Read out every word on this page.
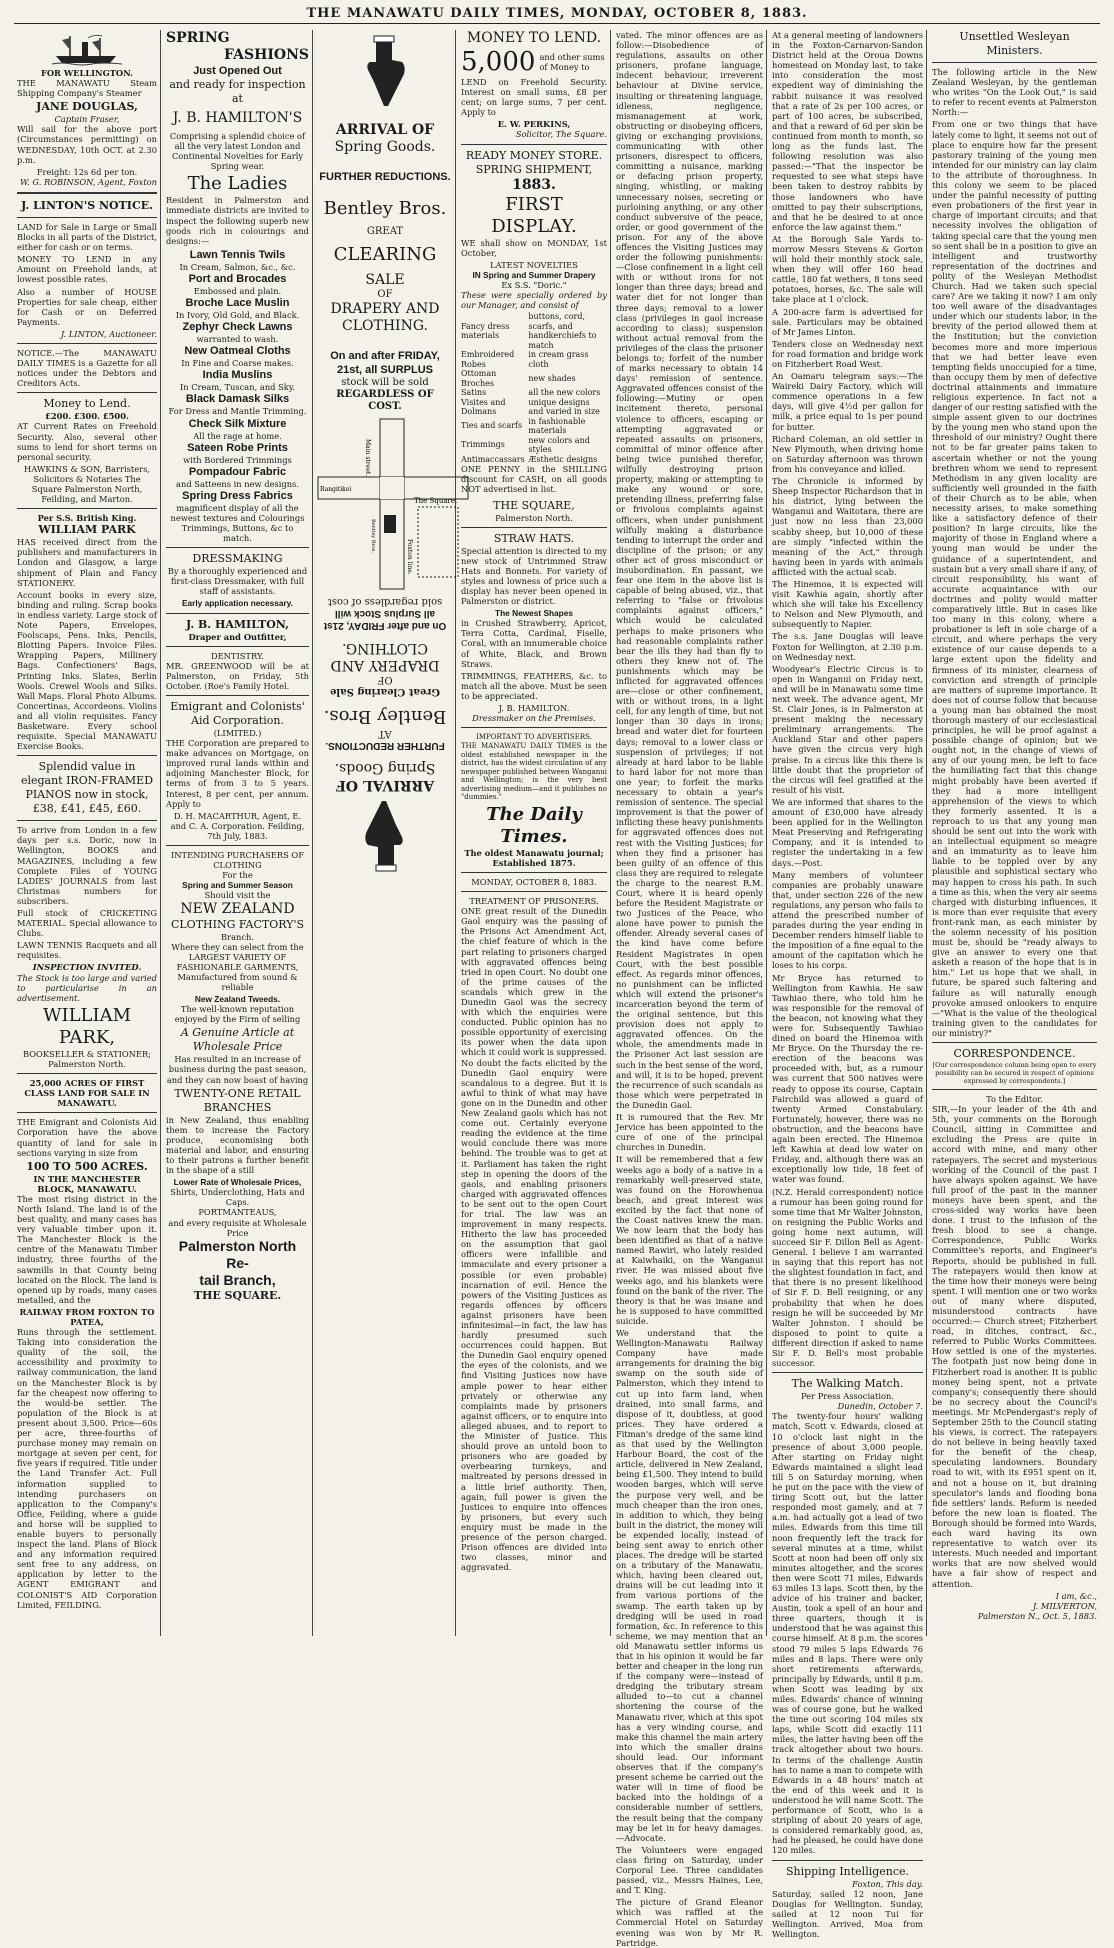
THE MANAWATU DAILY TIMES, MONDAY, OCTOBER 8, 1883.
FOR WELLINGTON.

THE MANAWATU Steam Shipping Company's Steamer

JANE DOUGLAS,
Captain Fraser,

Will sail for the above port (Circumstances permitting) on WEDNESDAY, 10th OCT. at 2.30 p.m.

Freight: 12s 6d per ton.
W. G. ROBINSON, Agent, Foxton
J. LINTON'S NOTICE.

LAND for Sale in Large or Small Blocks in all parts of the District, either for cash or on terms.

MONEY TO LEND in any Amount on Freehold lands, at lowest possible rates.

Also a number of HOUSE Properties for sale cheap, either for Cash or on Deferred Payments.

J. LINTON, Auctioneer.

NOTICE.—The MANAWATU DAILY TIMES is a Gazette for all notices under the Debtors and Creditors Acts.

Money to Lend.
£200. £300. £500.

AT Current Rates on Freehold Security. Also, several other sums to lend for short terms on personal security.

HAWKINS & SON, Barristers, Solicitors & Notaries The Square Palmerston North, Feilding, and Marton.
Per S.S. British King.
WILLIAM PARK

HAS received direct from the publishers and manufacturers in London and Glasgow, a large shipment of Plain and Fancy STATIONERY.

Account books in every size, binding and ruling. Scrap books in endless variety. Large stock of Note Papers, Envelopes, Foolscaps, Pens. Inks, Pencils, Blotting Papers. Invoice Files. Wrapping Papers, Millinery Bags. Confectioners' Bags, Printing Inks. Slates, Berlin Wools. Crewel Wools and Silks. Wall Maps. Floral Photo Albums. Concertinas, Accordeons. Violins and all violin requisites. Fancy Basketware. Every school requisite. Special MANAWATU Exercise Books.

Splendid value in elegant IRON-FRAMED PIANOS now in stock, £38, £41, £45, £60.

To arrive from London in a few days per s.s. Doric, now in Wellington, BOOKS and MAGAZINES, including a few Complete Files of YOUNG LADIES' JOURNALS from last Christmas numbers for subscribers.

Full stock of CRICKETING MATERIAL. Special allowance to Clubs.

LAWN TENNIS Racquets and all requisites.

INSPECTION INVITED.

The Stock is too large and varied to particularise in an advertisement.

WILLIAM PARK,
BOOKSELLER & STATIONER; Palmerston North.
25,000 ACRES OF FIRST CLASS LAND FOR SALE IN MANAWATU.

THE Emigrant and Colonists Aid Corporation have the above quantity of land for sale in sections varying in size from

100 TO 500 ACRES.
IN THE MANCHESTER BLOCK, MANAWATU.

The most rising district in the North Island. The land is of the best quality, and many cases has very valuable timber upon it. The Manchester Block is the centre of the Manawatu Timber industry, three fourths of the sawmills in that County being located on the Block. The land is opened up by roads, many cases metalled, and the

RAILWAY FROM FOXTON TO PATEA,

Runs through the settlement. Taking into consideration the quality of the soil, the accessibility and proximity to railway communication, the land on the Manchester Block is by far the cheapest now offering to the would-be settler. The population of the Block is at present about 3,500. Price—60s per acre, three-fourths of purchase money may remain on mortgage at seven per cent, for five years if required. Title under the Land Transfer Act. Full information supplied to intending purchasers on application to the Company's Office, Feilding, where a guide and horse will be supplied to enable buyers to personally inspect the land. Plans of Block and any information required sent free to any address, on application by letter to the AGENT EMIGRANT and COLONIST'S AID Corporation Limited, FEILDING.

SPRING
FASHIONS
Just Opened Out
and ready for inspection at
J. B. HAMILTON'S

Comprising a splendid choice of all the very latest London and Continental Novelties for Early Spring wear.

The Ladies

Resident in Palmerston and immediate districts are invited to inspect the following superb new goods rich in colourings and designs:—

Lawn Tennis Twils
In Cream, Salmon, &c., &c.
Port and Brocades
Embossed and plain.
Broche Lace Muslin
In Ivory, Old Gold, and Black.
Zephyr Check Lawns
warranted to wash.
New Oatmeal Cloths
In Fine and Coarse makes.
India Muslins
In Cream, Tuscan, and Sky.
Black Damask Silks
For Dress and Mantle Trimming.
Check Silk Mixture
All the rage at home.
Sateen Robe Prints
with Bordered Trimmings
Pompadour Fabric
and Satteens in new designs.
Spring Dress Fabrics
magnificent display of all the newest textures and Colourings Trimmings, Buttons, &c to match.
DRESSMAKING

By a thoroughly experienced and first-class Dressmaker, with full staff of assistants.

Early application necessary.
J. B. HAMILTON,
Draper and Outfitter,
DENTISTRY.

MR. GREENWOOD will be at Palmerston, on Friday, 5th October. (Roe's Family Hotel.

Emigrant and Colonists' Aid Corporation.
(LIMITED.)

THE Corporation are prepared to make advances on Mortgage, on improved rural lands within and adjoining Manchester Block, for terms of from 3 to 5 years. Interest, 8 per cent, per annum. Apply to

D. H. MACARTHUR, Agent, E. and C. A. Corporation. Feilding, 7th July, 1883.
INTENDING PURCHASERS OF CLOTHING
For the
Spring and Summer Season
Should visit the
NEW ZEALAND
CLOTHING FACTORY'S
Branch.

Where they can select from the LARGEST VARIETY OF FASHIONABLE GARMENTS, Manufactured from sound & reliable

New Zealand Tweeds.

The well-known reputation enjoyed by the Firm of selling

A Genuine Article at Wholesale Price

Has resulted in an increase of business during the past season, and they can now boast of having

TWENTY-ONE RETAIL
BRANCHES

in New Zealand, thus enabling them to increase the Factory produce, economising both material and labor, and ensuring to their patrons a further benefit in the shape of a still

Lower Rate of Wholesale Prices,
Shirts, Underclothing, Hats and Caps.
PORTMANTEAUS,
and every requisite at Wholesale Price
Palmerston North Re-
tail Branch,
THE SQUARE.
ARRIVAL OF
Spring Goods.
FURTHER REDUCTIONS.
Bentley Bros.
GREAT
CLEARING
SALE
OF
DRAPERY AND
CLOTHING.
On and after FRIDAY,
21st, all SURPLUS
stock will be sold
REGARDLESS OF COST.
Main street.
The Square.
Rangitikei
Foxton line.
Bentley Bros.
ARRIVAL OF
Spring Goods.
FURTHER REDUCTIONS.
AT
Bentley Bros.
Great Clearing Sale
OF
DRAPERY AND
CLOTHING.
On and after FRIDAY, 21st
all Surplus Stock will
sold regardless of cost
MONEY TO LEND.
5,000 and other sums of Money to

LEND on Freehold Security. Interest on small sums, £8 per cent; on large sums, 7 per cent. Apply to

E. W. PERKINS,
Solicitor, The Square.
READY MONEY STORE.
SPRING SHIPMENT,
1883.
FIRST DISPLAY.

WE shall show on MONDAY, 1st October,

LATEST NOVELTIES
IN Spring and Summer Drapery
Ex S.S. "Doric."

These were specially ordered by our Manager, and consist of

Fancy dress materials	buttons, cord, scarfs, and handkerchiefs to match
Embroidered Robes	in cream grass cloth
Ottoman Broches	new shades
Satins	all the new colors
Visites and Dolmans	unique designs and varied in size
Ties and scarfs	in fashionable materials
Trimmings	new colors and styles
Antimaccassars	Æsthetic designs

ONE PENNY in the SHILLING discount for CASH, on all goods NOT advertised in list.

THE SQUARE,
Palmerston North.
STRAW HATS.

Special attention is directed to my new stock of Untrimmed Straw Hats and Bonnets. For variety of styles and lowness of price such a display has never been opened in Palmerston or district.

The Newest Shapes

in Crushed Strawberry, Apricot, Terra Cotta, Cardinal, Fiselle, Coral, with an innumerable choice of White, Black, and Brown Straws.

TRIMMINGS, FEATHERS, &c. to match all the above. Must be seen to be appreciated.

J. B. HAMILTON.
Dressmaker on the Premises.
IMPORTANT TO ADVERTISERS.

THE MANAWATU DAILY TIMES is the oldest established newspaper in the district, has the widest circulation of any newspaper published between Wanganui and Wellington; is the very best advertising medium—and it publishes no "dummies."

The Daily Times.
The oldest Manawatu journal; Established 1875.
MONDAY, OCTOBER 8, 1883.
TREATMENT OF PRISONERS.

ONE great result of the Dunedin Gaol enquiry was the passing of the Prisons Act Amendment Act, the chief feature of which is the part relating to prisoners charged with aggravated offences being tried in open Court. No doubt one of the prime causes of the scandals which grew in the Dunedin Gaol was the secrecy with which the enquiries were conducted. Public opinion has no possible opportunity of exercising its power when the data upon which it could work is suppressed. No doubt the facts elicited by the Dunedin Gaol enquiry were scandalous to a degree. But it is awful to think of what may have gone on in the Dunedin and other New Zealand gaols which has not come out. Certainly everyone reading the evidence at the time would conclude there was more behind. The trouble was to get at it. Parliament has taken the right step in opening the doors of the gaols, and enabling prisoners charged with aggravated offences to be sent out to the open Court for trial. The law was an improvement in many respects. Hitherto the law has proceeded on the assumption that gaol officers were infallible and immaculate and every prisoner a possible (or even probable) incarnation of evil. Hence the powers of the Visiting Justices as regards offences by officers against prisoners have been infinitesimal—in fact, the law has hardly presumed such occurrences could happen. But the Dunedin Gaol enquiry opened the eyes of the colonists, and we find Visiting Justices now have ample power to hear either privately or otherwise any complaints made by prisoners against officers, or to enquire into alleged abuses, and to report to the Minister of Justice. This should prove an untold boon to prisoners who are goaded by overbearing turnkeys, and maltreated by persons dressed in a little brief authority. Then, again, full power is given the Justices to enquire into offences by prisoners, but every such enquiry must be made in the presence of the person charged. Prison offences are divided into two classes, minor and aggravated.

vated. The minor offences are as follow:—Disobedience of regulations, assaults on other prisoners, profane language, indecent behaviour, irreverent behaviour at Divine service, insulting or threatening language, idleness, negligence, mismanagement at work, obstructing or disobeying officers, giving or exchanging provisions, communicating with other prisoners, disrespect to officers, committing a nuisance, marking or defacing prison property, singing, whistling, or making unnecessary noises, secreting or purloining anything, or any other conduct subversive of the peace, order, or good government of the prison. For any of the above offences the Visiting Justices may order the following punishments:—Close confinement in a light cell with or without irons for not longer than three days; bread and water diet for not longer than three days; removal to a lower class (privileges in gaol increase according to class); suspension without actual removal from the privileges of the class the prisoner belongs to; forfeit of the number of marks necessary to obtain 14 days' remission of sentence. Aggravated offences consist of the following:—Mutiny or open incitement thereto, personal violence to officers, escaping or attempting aggravated or repeated assaults on prisoners, committal of minor offence after being twice punished therefor, wilfully destroying prison property, making or attempting to make any wound or sore, pretending illness, preferring false or frivolous complaints against officers, when under punishment wilfully making a disturbance tending to interrupt the order and discipline of the prison; or any other act of gross misconduct or insubordination. En passant, we fear one item in the above list is capable of being abused, viz., that referring to "false or frivolous complaints against officers," which would be calculated perhaps to make prisoners who had reasonable complaints rather bear the ills they had than fly to others they knew not of. The punishments which may be inflicted for aggravated offences are—close or other confinement, with or without irons, in a light cell, for any length of time, but not longer than 30 days in irons; bread and water diet for fourteen days; removal to a lower class or suspension of privileges; if not already at hard labor to be liable to hard labor for not more than one year; to forfeit the marks necessary to obtain a year's remission of sentence. The special improvement is that the power of inflicting these heavy punishments for aggravated offences does not rest with the Visiting Justices; for when they find a prisoner has been guilty of an offence of this class they are required to relegate the charge to the nearest R.M. Court, where it is heard openly before the Resident Magistrate or two Justices of the Peace, who alone have power to punish the offender. Already several cases of the kind have come before Resident Magistrates in open Court, with the best possible effect. As regards minor offences, no punishment can be inflicted which will extend the prisoner's incarceration beyond the term of the original sentence, but this provision does not apply to aggravated offences. On the whole, the amendments made in the Prisoner Act last session are such in the best sense of the word, and will, it is to be hoped, prevent the recurrence of such scandals as those which were perpetrated in the Dunedin Gaol.

It is rumoured that the Rev. Mr Jervice has been appointed to the cure of one of the principal churches in Dunedin.

It will be remembered that a few weeks ago a body of a native in a remarkably well-preserved state, was found on the Horowhenua beach, and great interest was excited by the fact that none of the Coast natives knew the man. We now learn that the body has been identified as that of a native named Rawiri, who lately resided at Kaiwhaiki, on the Wanganui river. He was missed about five weeks ago, and his blankets were found on the bank of the river. The theory is that he was insane and he is supposed to have committed suicide.

We understand that the Wellington-Manawatu Railway Company have made arrangements for draining the big swamp on the south side of Palmerston, which they intend to cut up into farm land, when drained, into small farms, and dispose of it, doubtless, at good prices. They have ordered a Fitman's dredge of the same kind as that used by the Wellington Harbour Board, the cost of the article, delivered in New Zealand, being £1,500. They intend to build wooden barges, which will serve the purpose very well, and be much cheaper than the iron ones, in addition to which, they being built in the district, the money will be expended locally, instead of being sent away to enrich other places. The dredge will be started on a tributary of the Manawatu, which, having been cleared out, drains will be cut leading into it from various portions of the swamp. The earth taken up by dredging will be used in road formation, &c. In reference to this scheme, we may mention that an old Manawatu settler informs us that in his opinion it would be far better and cheaper in the long run if the company were—instead of dredging the tributary stream alluded to—to cut a channel shortening the course of the Manawatu river, which at this spot has a very winding course, and make this channel the main artery into which the smaller drains should lead. Our informant observes that if the company's present scheme be carried out the water will in time of flood be backed into the holdings of a considerable number of settlers, the result being that the company may be let in for heavy damages.—Advocate.

The Volunteers were engaged class firing on Saturday, under Corporal Lee. Three candidates passed, viz., Messrs Haines, Lee, and T. King.

The picture of Grand Eleanor which was raffled at the Commercial Hotel on Saturday evening was won by Mr R. Partridge.

At a general meeting of landowners in the Foxton-Carnarvon-Sandon District held at the Oroua Downs homestead on Monday last, to take into consideration the most expedient way of diminishing the rabbit nuisance it was resolved that a rate of 2s per 100 acres, or part of 100 acres, be subscribed, and that a reward of 6d per skin be continued from month to month, so long as the funds last. The following resolution was also passed:—"That the inspector be requested to see what steps have been taken to destroy rabbits by those landowners who have omitted to pay their subscriptions, and that he be desired to at once enforce the law against them."

At the Borough Sale Yards to-morrow Messrs Stevens & Gorton will hold their monthly stock sale, when they will offer 160 head cattle, 180 fat wethers, 8 tons seed potatoes, horses, &c. The sale will take place at 1 o'clock.

A 200-acre farm is advertised for sale. Particulars may be obtained of Mr James Linton.

Tenders close on Wednesday next for road formation and bridge work on Fitzherbert Road West.

An Oamaru telegram says:—The Waireki Dairy Factory, which will commence operations in a few days, will give 4½d per gallon for milk, a price equal to 1s per pound for butter.

Richard Coleman, an old settler in New Plymouth, when driving home on Saturday afternoon was thrown from his conveyance and killed.

The Chronicle is informed by Sheep Inspector Richardson that in his district, lying between the Wanganui and Waitotara, there are just now no less than 23,000 scabby sheep, but 10,000 of these are simply "infected within the meaning of the Act," through having been in yards with animals afflicted with the actual scab.

The Hinemoa, it is expected will visit Kawhia again, shortly after which she will take his Excellency to Nelson and New Plymouth, and subsequently to Napier.

The s.s. Jane Douglas will leave Foxton for Wellington, at 2.30 p.m. on Wednesday next.

Woodyear's Electric Circus is to open in Wanganui on Friday next, and will be in Manawatu some time next week. The advance agent, Mr St. Clair Jones, is in Palmerston at present making the necessary preliminary arrangements. The Auckland Star and other papers have given the circus very high praise. In a circus like this there is little doubt that the proprietor of the circus will feel gratified at the result of his visit.

We are informed that shares to the amount of £30,000 have already been applied for in the Wellington Meat Preserving and Refrigerating Company, and it is intended to register the undertaking in a few days.—Post.

Many members of volunteer companies are probably unaware that, under section 226 of the new regulations, any person who fails to attend the prescribed number of parades during the year ending in December renders himself liable to the imposition of a fine equal to the amount of the capitation which he loses to his corps.

Mr Bryce has returned to Wellington from Kawhia. He saw Tawhiao there, who told him he was responsible for the removal of the beacon, not knowing what they were for. Subsequently Tawhiao dined on board the Hinemoa with Mr Bryce. On the Thursday the re-erection of the beacons was proceeded with, but, as a rumour was current that 500 natives were ready to oppose its course, Captain Fairchild was allowed a guard of twenty Armed Constabulary. Fortunately, however, there was no obstruction, and the beacons have again been erected. The Hinemoa left Kawhia at dead low water on Friday, and, although there was an exceptionally low tide, 18 feet of water was found.

(N.Z. Herald correspondent) notice a rumour has been going round for some time that Mr Walter Johnston, on resigning the Public Works and going home next autumn, will succeed Sir F. Dillon Bell as Agent-General. I believe I am warranted in saying that this report has not the slightest foundation in fact, and that there is no present likelihood of Sir F. D. Bell resigning, or any probability that when he does resign he will be succeeded by Mr Walter Johnston. I should be disposed to point to quite a different direction if asked to name Sir F. D. Bell's most probable successor.

The Walking Match.
Per Press Association.
Dunedin, October 7.

The twenty-four hours' walking match, Scott v. Edwards, closed at 10 o'clock last night in the presence of about 3,000 people. After starting on Friday night Edwards maintained a slight lead till 5 on Saturday morning, when he put on the pace with the view of tiring Scott out, but the latter responded most gamely, and at 7 a.m. had actually got a lead of two miles. Edwards from this time till noon frequently left the track for several minutes at a time, whilst Scott at noon had been off only six minutes altogether, and the scores then were Scott 71 miles, Edwards 63 miles 13 laps. Scott then, by the advice of his trainer and backer, Austin, took a spell of an hour and three quarters, though it is understood that he was against this course himself. At 8 p.m. the scores stood 79 miles 5 laps Edwards 76 miles and 8 laps. There were only short retirements afterwards, principally by Edwards, until 8 p.m. when Scott was leading by six miles. Edwards' chance of winning was of course gone, but he walked the time out scoring 104 miles six laps, while Scott did exactly 111 miles, the latter having been off the track altogether about two hours. In terms of the challenge Austin has to name a man to compete with Edwards in a 48 hours' match at the end of this week and it is understood he will name Scott. The performance of Scott, who is a stripling of about 20 years of age, is considered remarkably good, as, had he pleased, he could have done 120 miles.

Shipping Intelligence.
Foxton, This day.

Saturday, sailed 12 noon, Jane Douglas for Wellington. Sunday, sailed at 12 noon Tui for Wellington. Arrived, Moa from Wellington.

Unsettled Wesleyan Ministers.

The following article in the New Zealand Wesleyan, by the gentleman who writes "On the Look Out," is said to refer to recent events at Palmerston North:—

From one or two things that have lately come to light, it seems not out of place to enquire how far the present pastorary training of the young men intended for our ministry can lay claim to the attribute of thoroughness. In this colony we seem to be placed under the painful necessity of putting even probationers of the first year in charge of important circuits; and that necessity involves the obligation of taking special care that the young men so sent shall be in a position to give an intelligent and trustworthy representation of the doctrines and polity of the Wesleyan Methodist Church. Had we taken such special care? Are we taking it now? I am only too well aware of the disadvantages under which our students labor, in the brevity of the period allowed them at the Institution; but the conviction becomes more and more imperious that we had better leave even tempting fields unoccupied for a time, than occupy them by men of defective doctrinal attainments and immature religious experience. In fact not a danger of our resting satisfied with the simple assent given to our doctrines by the young men who stand upon the threshold of our ministry? Ought there not to be far greater pains taken to ascertain whether or not the young brethren whom we send to represent Methodism in any given locality are sufficiently well grounded in the faith of their Church as to be able, when necessity arises, to make something like a satisfactory defence of their position? In large circuits, like the majority of those in England where a young man would be under the guidance of a superintendent, and sustain but a very small share if any, of circuit responsibility, his want of accurate acquaintance with our doctrines and polity would matter comparatively little. But in cases like too many in this colony, where a probationer is left in sole charge of a circuit, and where perhaps the very existence of our cause depends to a large extent upon the fidelity and firmness of its minister, clearness of conviction and strength of principle are matters of supreme importance. It does not of course follow that because a young man has obtained the most thorough mastery of our ecclesiastical principles, he will be proof against a possible change of opinion; but we ought not, in the change of views of any of our young men, be left to face the humiliating fact that this change might probably have been averted if they had a more intelligent apprehension of the views to which they formerly assented. It is a reproach to us that any young man should be sent out into the work with an intellectual equipment so meagre and an immaturity as to leave him liable to be toppled over by any plausible and sophistical sectary who may happen to cross his path. In such a time as this, when the very air seems charged with disturbing influences, it is more than ever requisite that every front-rank man, as each minister by the solemn necessity of his position must be, should be "ready always to give an answer to every one that asketh a reason of the hope that is in him." Let us hope that we shall, in future, be spared such faltering and failure as will naturally enough provoke amused onlookers to enquire—"What is the value of the theological training given to the candidates for our ministry?"

CORRESPONDENCE.

[Our correspondence column being open to every possibility can be secured in respect of opinions expressed by correspondents.]

To the Editor.

SIR,—In your leader of the 4th and 5th, your comments on the Borough Council, sitting in Committee and excluding the Press are quite in accord with mine, and many other ratepayers. The secret and mysterious working of the Council of the past I have always spoken against. We have full proof of the past in the manner moneys have been spent, and the cross-sided way works have been done. I trust to the infusion of the fresh blood to see a change. Correspondence, Public Works Committee's reports, and Engineer's Reports, should be published in full. The ratepayers would then know at the time how their moneys were being spent. I will mention one or two works out of many where disputed, misunderstood contracts have occurred:— Church street; Fitzherbert road, in ditches, contract, &c., referred to Public Works Committees. How settled is one of the mysteries. The footpath just now being done in Fitzherbert road is another. It is public money being spent, not a private company's; consequently there should be no secrecy about the Council's meetings. Mr McPendergast's reply of September 25th to the Council stating his views, is correct. The ratepayers do not believe in being heavily taxed for the benefit of the cheap, speculating landowners. Boundary road to wit, with its £951 spent on it, and not a house on it, but draining speculator's lands and flooding bona fide settlers' lands. Reform is needed before the new loan is floated. The Borough should be formed into Wards, each ward having its own representative to watch over its interests. Much needed and important works that are now shelved would have a fair show of respect and attention.

I am, &c.,
J. MILVERTON,
Palmerston N., Oct. 5, 1883.
